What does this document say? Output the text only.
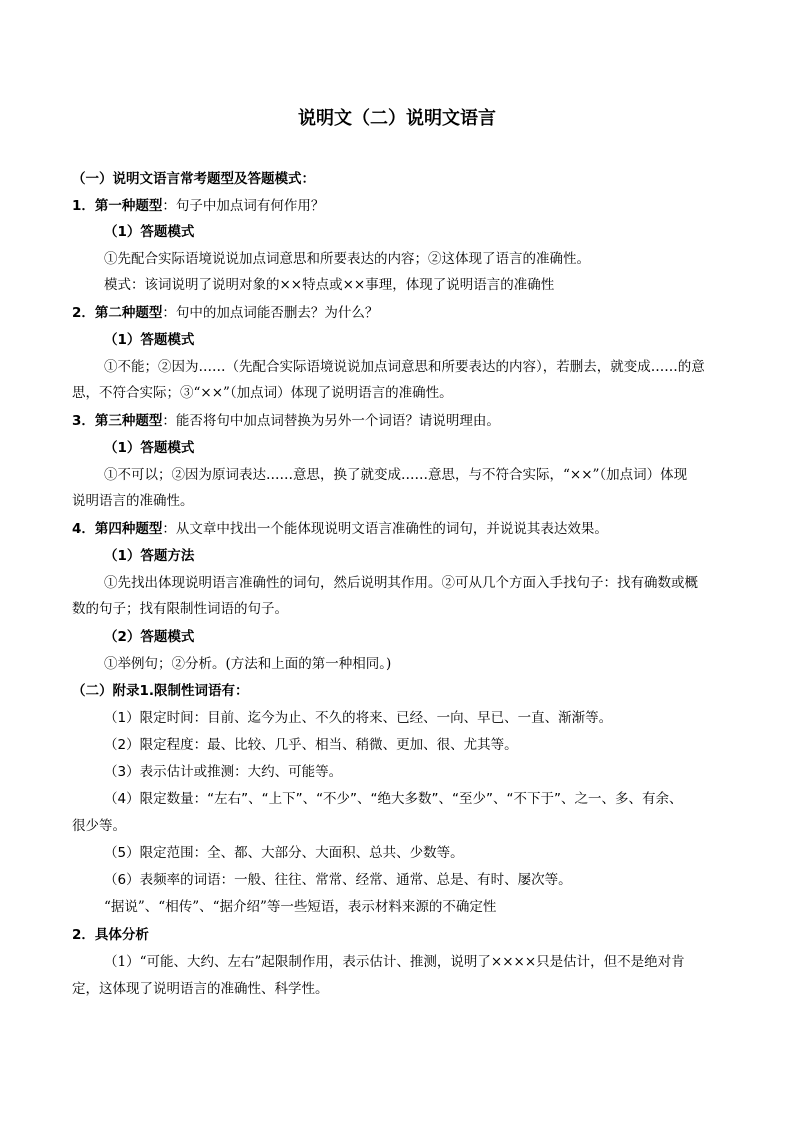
说明文（二）说明文语言
（一）说明文语言常考题型及答题模式：
1．第一种题型：句子中加点词有何作用？
（1）答题模式
①先配合实际语境说说加点词意思和所要表达的内容；②这体现了语言的准确性。
模式：该词说明了说明对象的××特点或××事理，体现了说明语言的准确性
2．第二种题型：句中的加点词能否删去？为什么？
（1）答题模式
①不能；②因为……（先配合实际语境说说加点词意思和所要表达的内容），若删去，就变成……的意
思，不符合实际；③“××”（加点词）体现了说明语言的准确性。
3．第三种题型：能否将句中加点词替换为另外一个词语？请说明理由。
（1）答题模式
①不可以；②因为原词表达……意思，换了就变成……意思，与不符合实际，“××”（加点词）体现
说明语言的准确性。
4．第四种题型：从文章中找出一个能体现说明文语言准确性的词句，并说说其表达效果。
（1）答题方法
①先找出体现说明语言准确性的词句，然后说明其作用。②可从几个方面入手找句子：找有确数或概
数的句子；找有限制性词语的句子。
（2）答题模式
①举例句；②分析。(方法和上面的第一种相同。)
（二）附录1.限制性词语有：
（1）限定时间：目前、迄今为止、不久的将来、已经、一向、早已、一直、渐渐等。
（2）限定程度：最、比较、几乎、相当、稍微、更加、很、尤其等。
（3）表示估计或推测：大约、可能等。
（4）限定数量：“左右”、“上下”、“不少”、“绝大多数”、“至少”、“不下于”、之一、多、有余、
很少等。
（5）限定范围：全、都、大部分、大面积、总共、少数等。
（6）表频率的词语：一般、往往、常常、经常、通常、总是、有时、屡次等。
“据说”、“相传”、“据介绍”等一些短语，表示材料来源的不确定性
2．具体分析
（1）“可能、大约、左右”起限制作用，表示估计、推测，说明了××××只是估计，但不是绝对肯
定，这体现了说明语言的准确性、科学性。
